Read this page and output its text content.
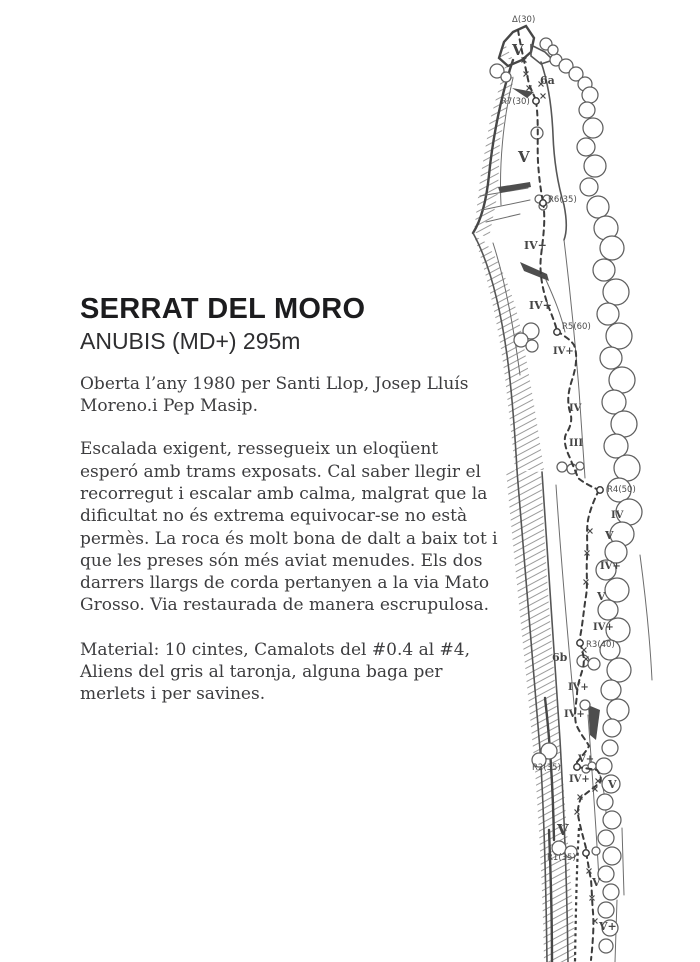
SERRAT DEL MORO
ANUBIS (MD+) 295m

Oberta l’any 1980 per Santi Llop, Josep Lluís Moreno.i Pep Masip.

Escalada exigent, ressegueix un eloqüent esperó amb trams exposats. Cal saber llegir el recorregut i escalar amb calma, malgrat que la dificultat no és extrema equivocar-se no està permès. La roca és molt bona de dalt a baix tot i que les preses són més aviat menudes. Els dos darrers llargs de corda pertanyen a la via Mato Grosso. Via restaurada de manera escrupulosa.

Material: 10 cintes, Camalots del #0.4 al #4, Aliens del gris al taronja, alguna baga per merlets i per savines.

Δ(30)
V
6a
R7(30)
V
R6(35)
IV+
IV+
R5(60)
IV+
IV
III
R4(50)
IV
V
IV+
V
IV+
R3(40)
6b
IV+
IV+
V+
R2(35)
IV+ V
V
R1(35)
V
V+
